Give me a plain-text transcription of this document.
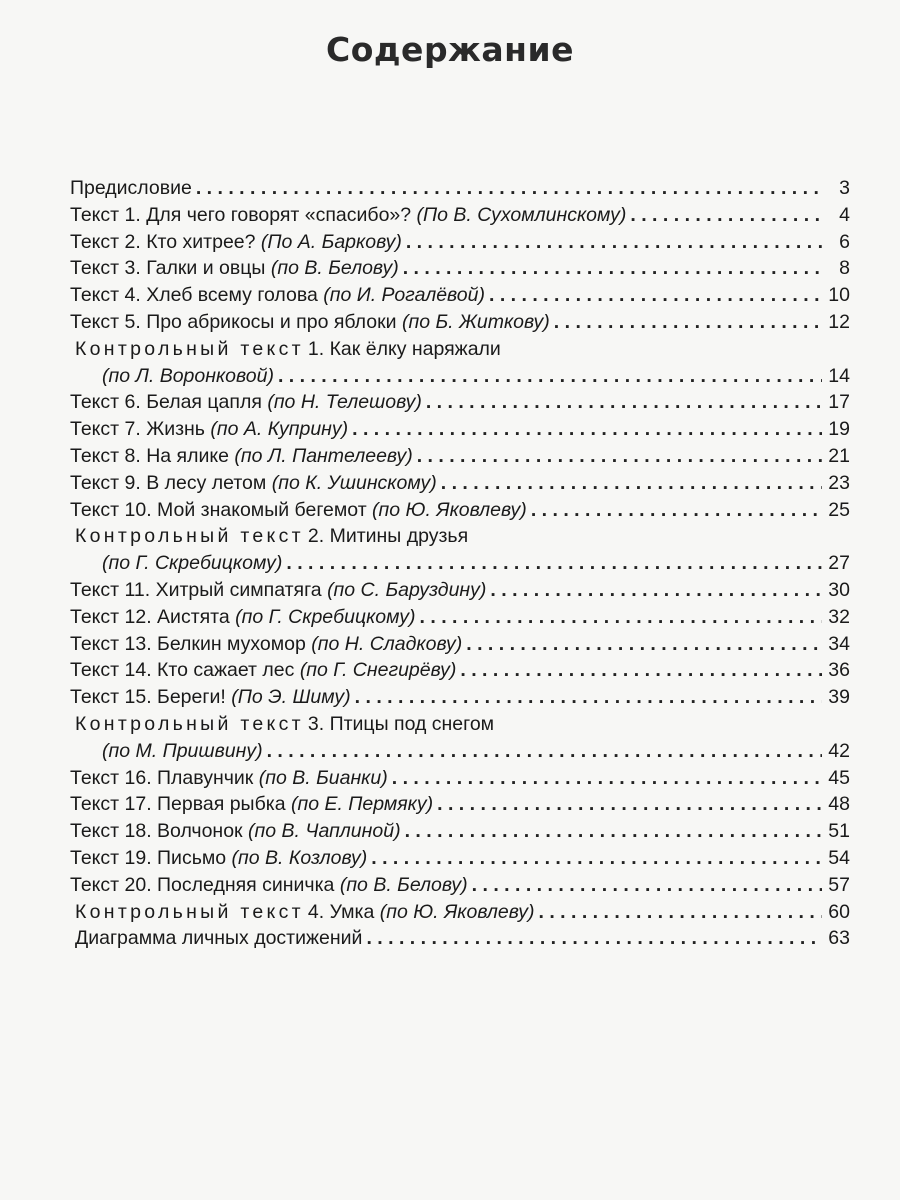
Содержание
Предисловие . . .	3
Текст 1. Для чего говорят «спасибо»? (По В. Сухомлинскому) . . .	4
Текст 2. Кто хитрее? (По А. Баркову) . . .	6
Текст 3. Галки и овцы (по В. Белову) . . .	8
Текст 4. Хлеб всему голова (по И. Рогалёвой) . . .	10
Текст 5. Про абрикосы и про яблоки (по Б. Житкову) . . .	12
Контрольный текст 1. Как ёлку наряжали
(по Л. Воронковой) . . .	14
Текст 6. Белая цапля (по Н. Телешову) . . .	17
Текст 7. Жизнь (по А. Куприну) . . .	19
Текст 8. На ялике (по Л. Пантелееву) . . .	21
Текст 9. В лесу летом (по К. Ушинскому) . . .	23
Текст 10. Мой знакомый бегемот (по Ю. Яковлеву) . . .	25
Контрольный текст 2. Митины друзья
(по Г. Скребицкому) . . .	27
Текст 11. Хитрый симпатяга (по С. Баруздину) . . .	30
Текст 12. Аистята (по Г. Скребицкому) . . .	32
Текст 13. Белкин мухомор (по Н. Сладкову) . . .	34
Текст 14. Кто сажает лес (по Г. Снегирёву) . . .	36
Текст 15. Береги! (По Э. Шиму) . . .	39
Контрольный текст 3. Птицы под снегом
(по М. Пришвину) . . .	42
Текст 16. Плавунчик (по В. Бианки) . . .	45
Текст 17. Первая рыбка (по Е. Пермяку) . . .	48
Текст 18. Волчонок (по В. Чаплиной) . . .	51
Текст 19. Письмо (по В. Козлову) . . .	54
Текст 20. Последняя синичка (по В. Белову) . . .	57
Контрольный текст 4. Умка (по Ю. Яковлеву) . . .	60
Диаграмма личных достижений . . .	63
